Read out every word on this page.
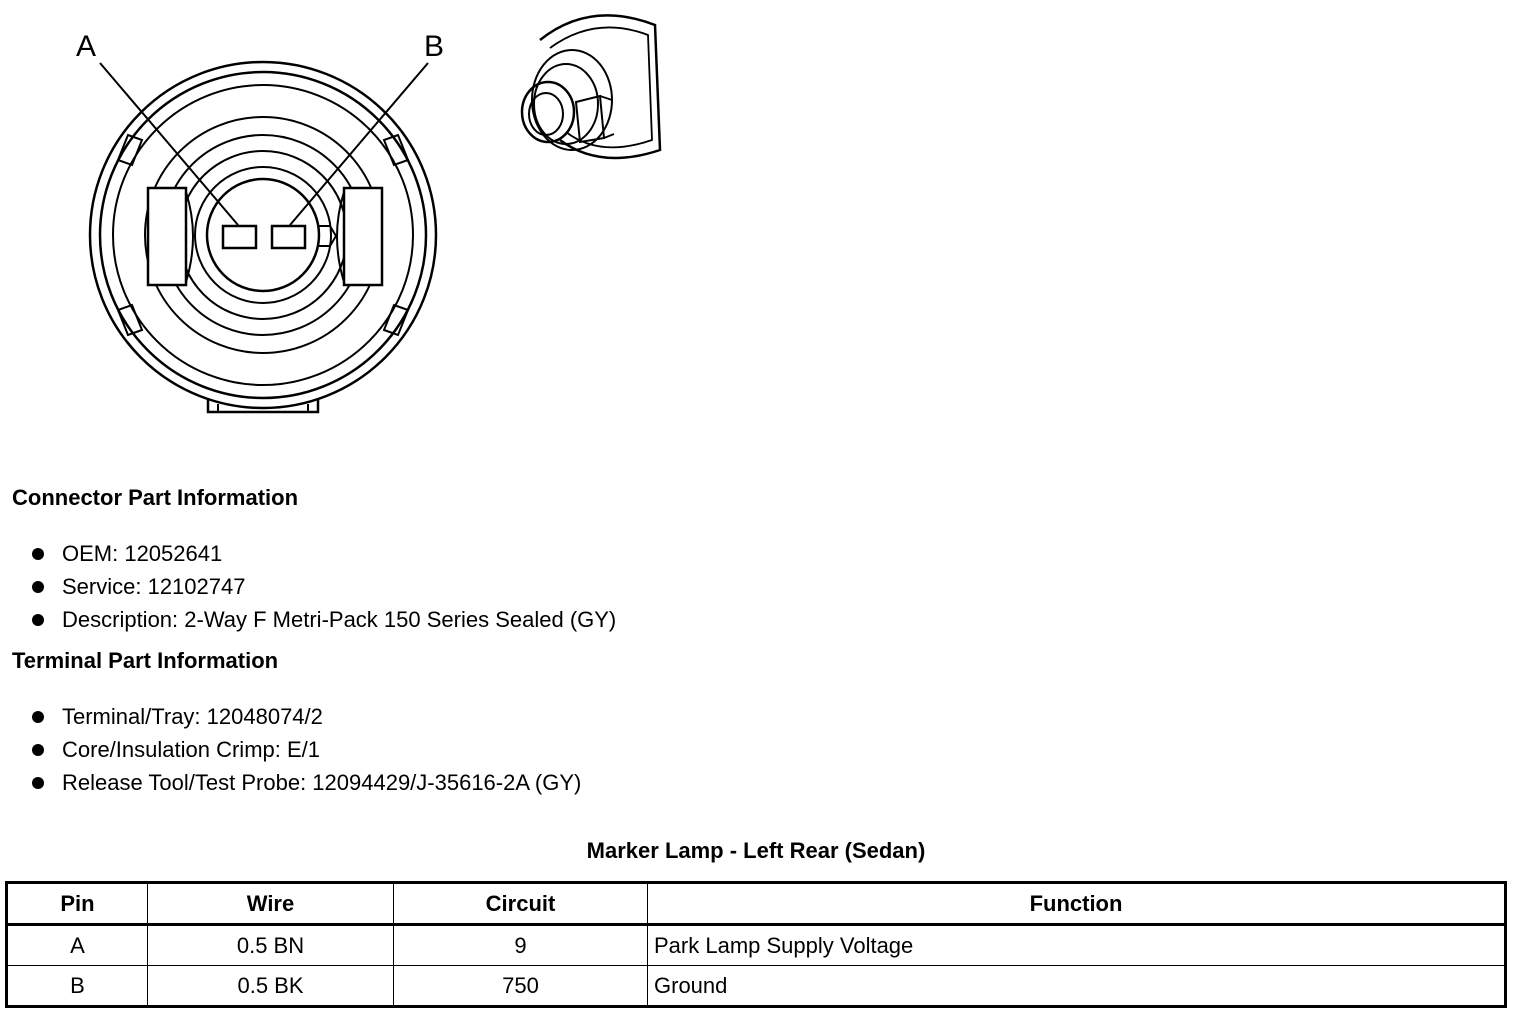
A	B
Connector Part Information
OEM: 12052641
Service: 12102747
Description: 2-Way F Metri-Pack 150 Series Sealed (GY)
Terminal Part Information
Terminal/Tray: 12048074/2
Core/Insulation Crimp: E/1
Release Tool/Test Probe: 12094429/J-35616-2A (GY)
Marker Lamp - Left Rear (Sedan)
Pin	Wire	Circuit	Function
A	0.5 BN	9	Park Lamp Supply Voltage
B	0.5 BK	750	Ground
